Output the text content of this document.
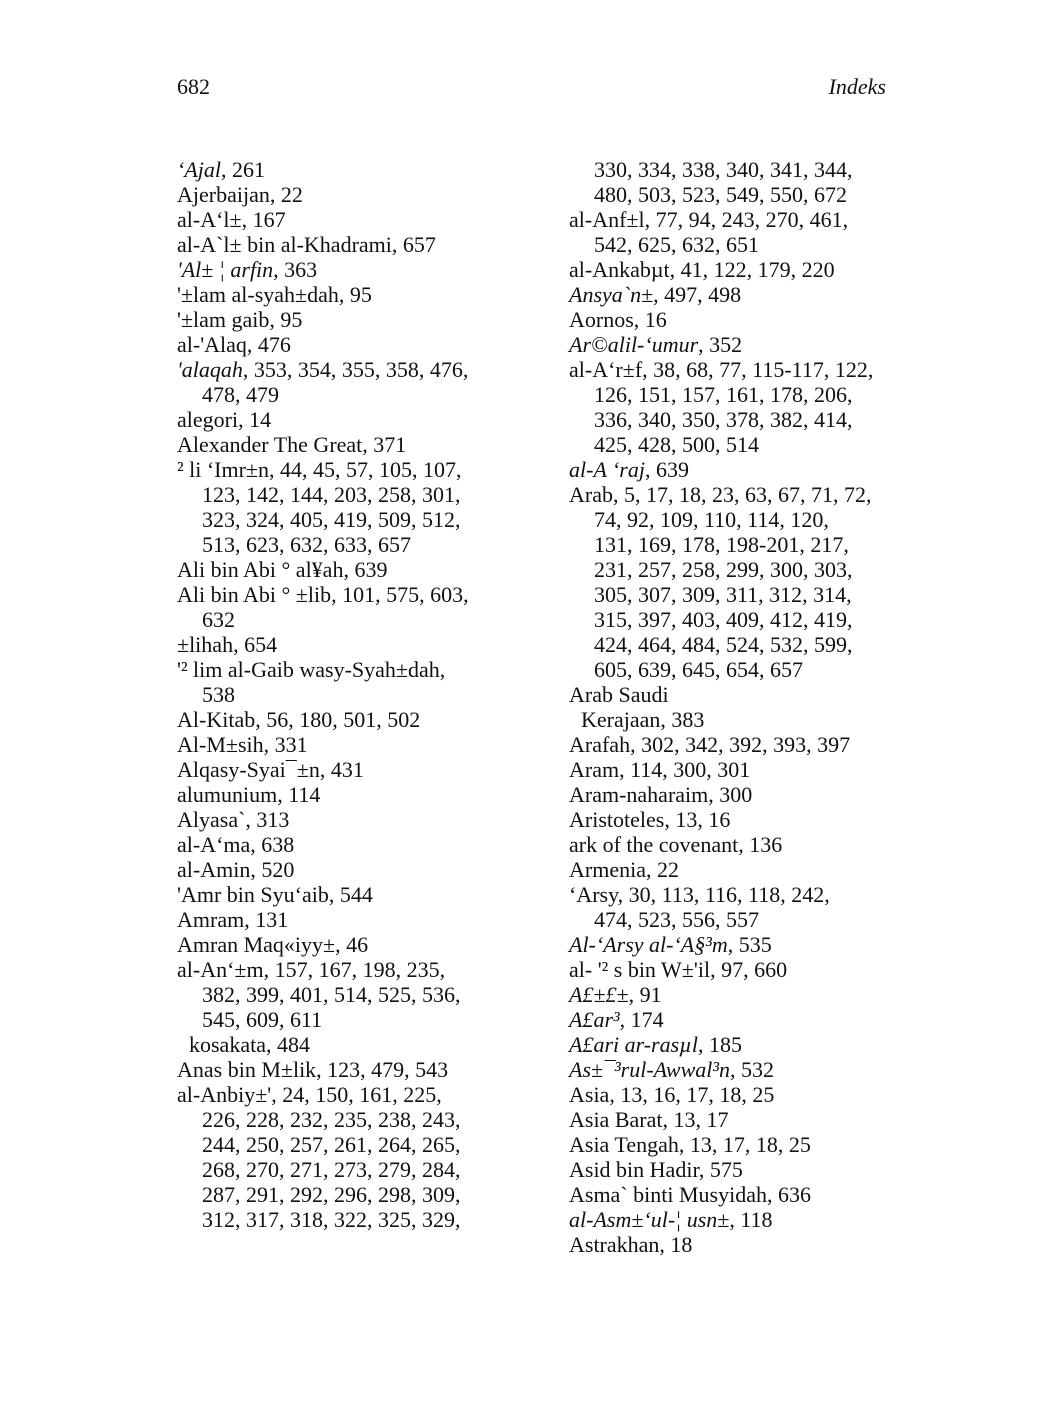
682	Indeks
‘Ajal, 261
Ajerbaijan, 22
al-A‘l±, 167
al-A`l± bin al-Khadrami, 657
'Al± ¦ arfin, 363
'±lam al-syah±dah, 95
'±lam gaib, 95
al-'Alaq, 476
'alaqah, 353, 354, 355, 358, 476,
478, 479
alegori, 14
Alexander The Great, 371
² li ‘Imr±n, 44, 45, 57, 105, 107,
123, 142, 144, 203, 258, 301,
323, 324, 405, 419, 509, 512,
513, 623, 632, 633, 657
Ali bin Abi ° al¥ah, 639
Ali bin Abi ° ±lib, 101, 575, 603,
632
±lihah, 654
'² lim al-Gaib wasy-Syah±dah,
538
Al-Kitab, 56, 180, 501, 502
Al-M±sih, 331
Alqasy-Syai¯±n, 431
alumunium, 114
Alyasa`, 313
al-A‘ma, 638
al-Amin, 520
'Amr bin Syu‘aib, 544
Amram, 131
Amran Maq«iyy±, 46
al-An‘±m, 157, 167, 198, 235,
382, 399, 401, 514, 525, 536,
545, 609, 611
kosakata, 484
Anas bin M±lik, 123, 479, 543
al-Anbiy±', 24, 150, 161, 225,
226, 228, 232, 235, 238, 243,
244, 250, 257, 261, 264, 265,
268, 270, 271, 273, 279, 284,
287, 291, 292, 296, 298, 309,
312, 317, 318, 322, 325, 329,
330, 334, 338, 340, 341, 344,
480, 503, 523, 549, 550, 672
al-Anf±l, 77, 94, 243, 270, 461,
542, 625, 632, 651
al-Ankabµt, 41, 122, 179, 220
Ansya`n±, 497, 498
Aornos, 16
Ar©alil-‘umur, 352
al-A‘r±f, 38, 68, 77, 115-117, 122,
126, 151, 157, 161, 178, 206,
336, 340, 350, 378, 382, 414,
425, 428, 500, 514
al-A ‘raj, 639
Arab, 5, 17, 18, 23, 63, 67, 71, 72,
74, 92, 109, 110, 114, 120,
131, 169, 178, 198-201, 217,
231, 257, 258, 299, 300, 303,
305, 307, 309, 311, 312, 314,
315, 397, 403, 409, 412, 419,
424, 464, 484, 524, 532, 599,
605, 639, 645, 654, 657
Arab Saudi
Kerajaan, 383
Arafah, 302, 342, 392, 393, 397
Aram, 114, 300, 301
Aram-naharaim, 300
Aristoteles, 13, 16
ark of the covenant, 136
Armenia, 22
‘Arsy, 30, 113, 116, 118, 242,
474, 523, 556, 557
Al-‘Arsy al-‘A§³m, 535
al- '² s bin W±'il, 97, 660
A£±£±, 91
A£ar³, 174
A£ari ar-rasµl, 185
As±¯³rul-Awwal³n, 532
Asia, 13, 16, 17, 18, 25
Asia Barat, 13, 17
Asia Tengah, 13, 17, 18, 25
Asid bin Hadir, 575
Asma` binti Musyidah, 636
al-Asm±‘ul-¦ usn±, 118
Astrakhan, 18
